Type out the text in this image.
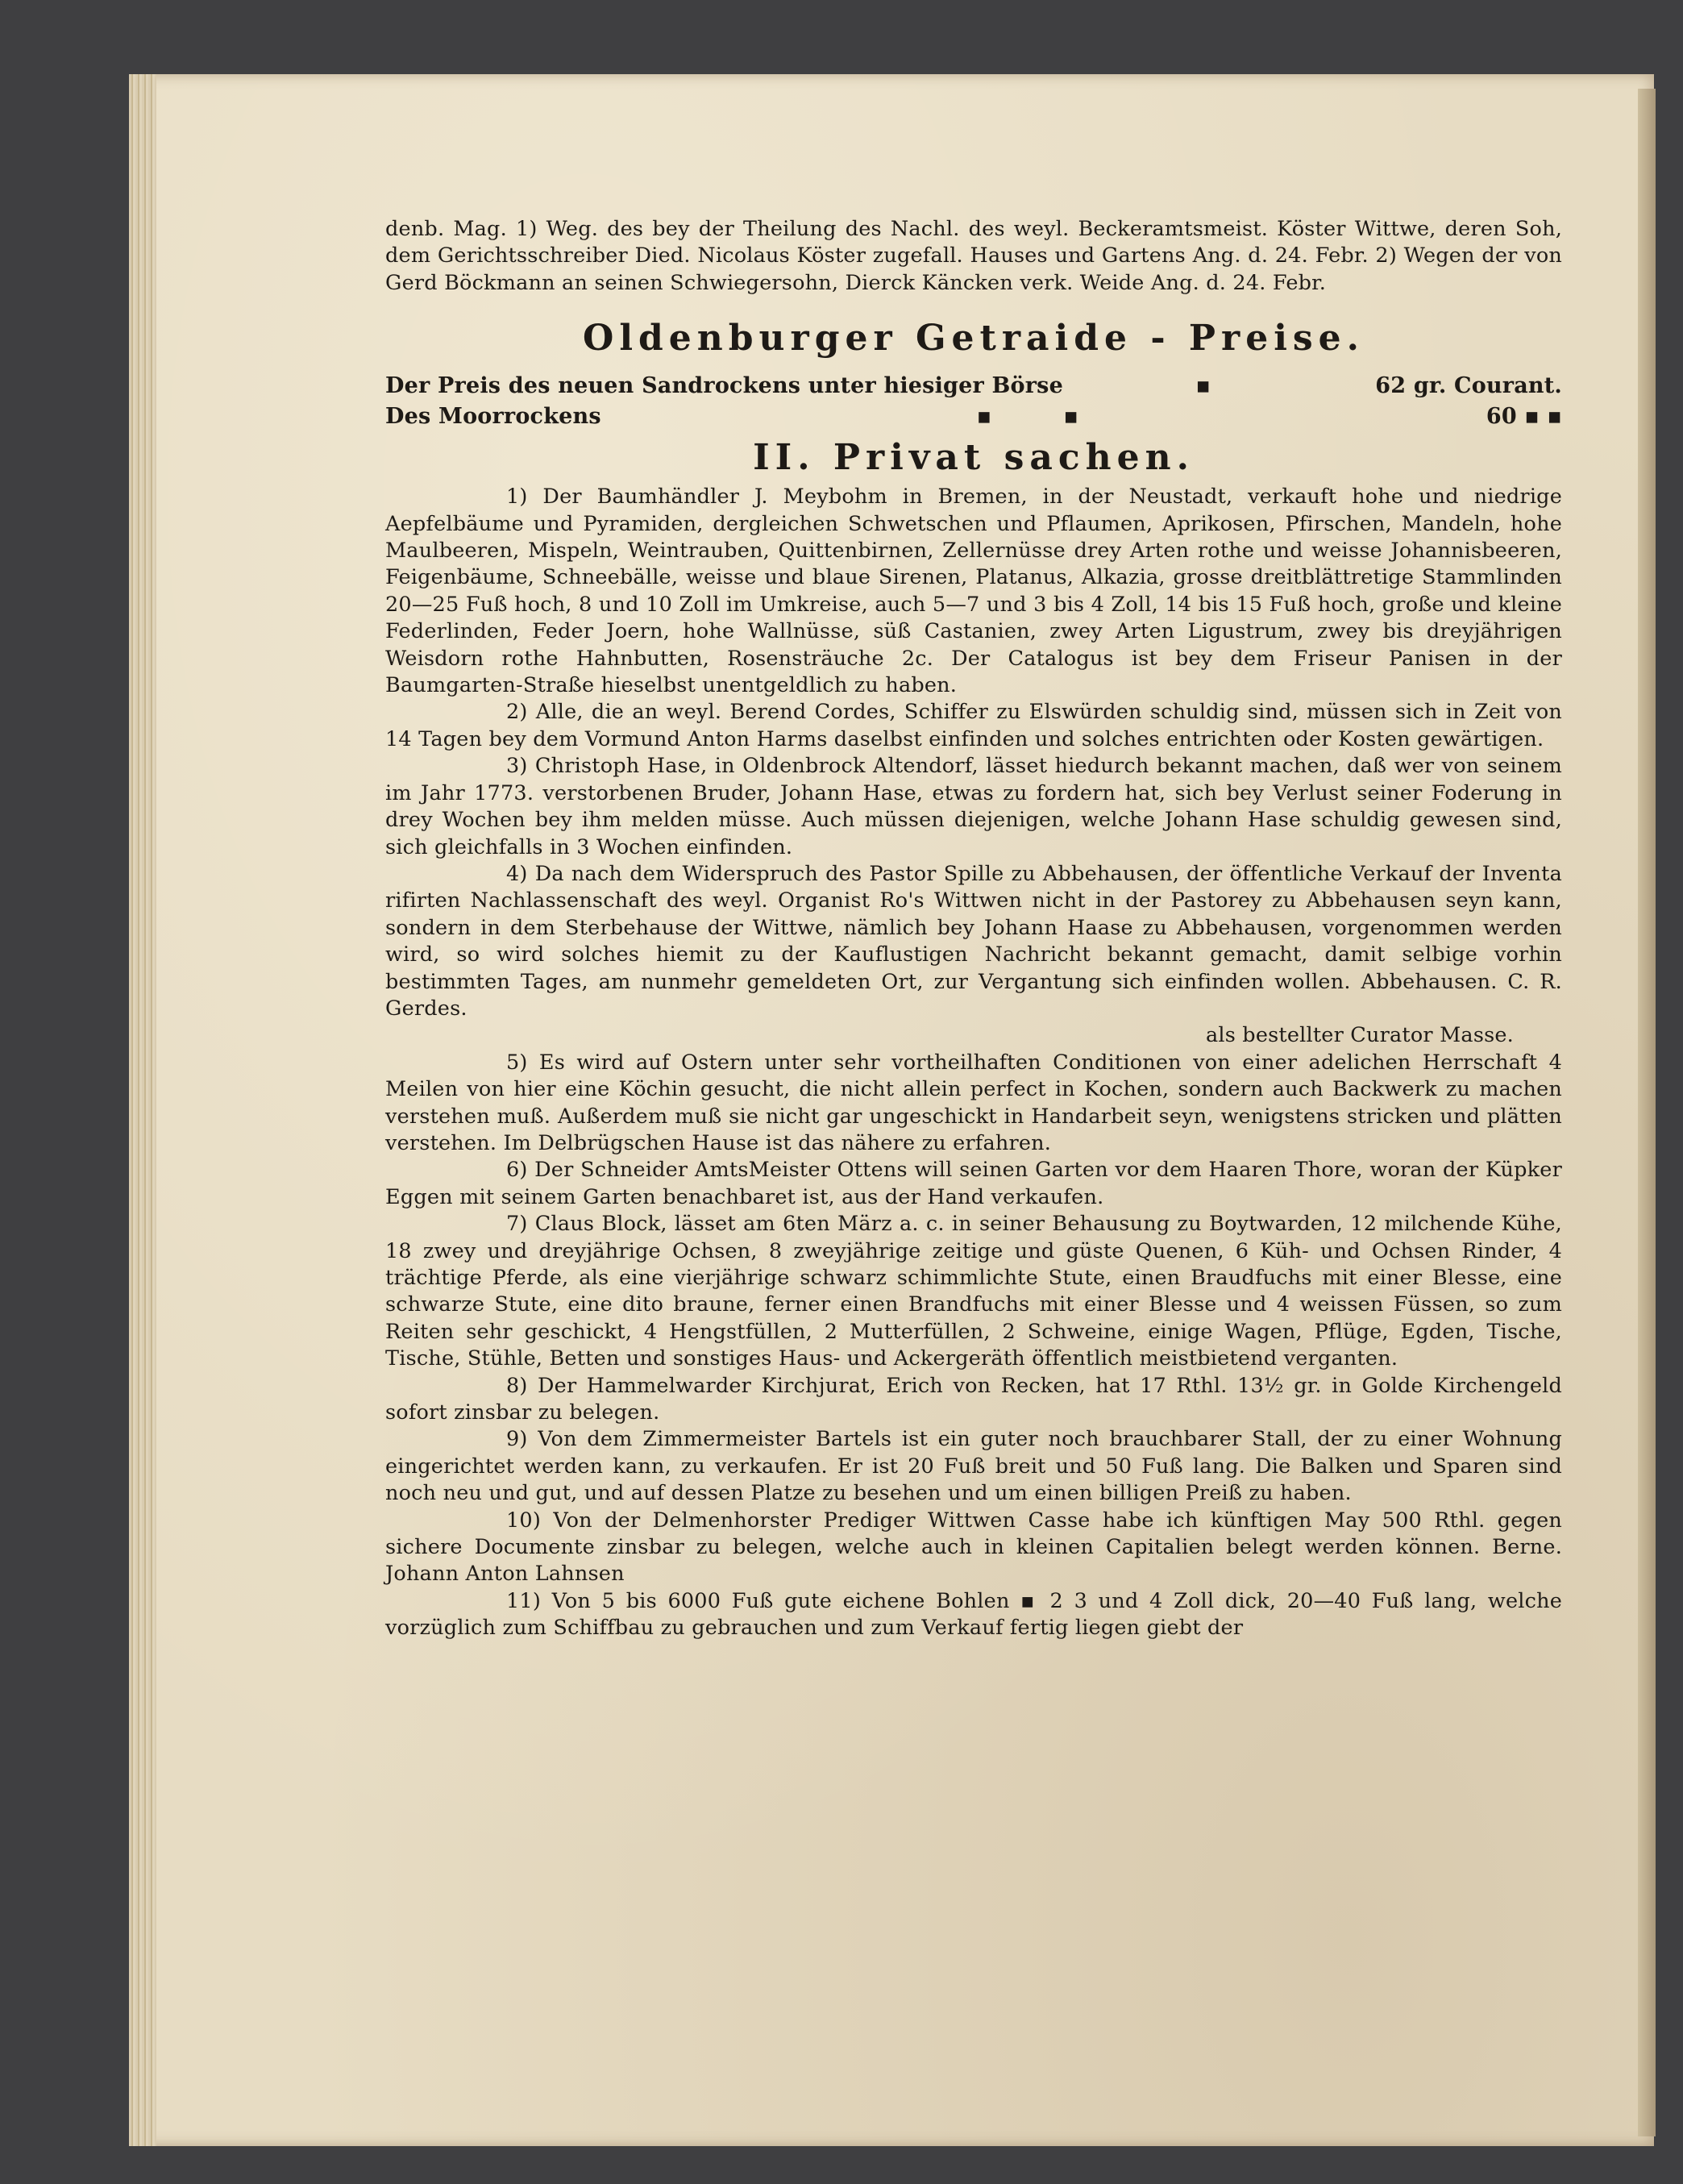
denb. Mag. 1) Weg. des bey der Theilung des Nachl. des weyl. Beckeramtsmeist. Köster Wittwe, deren Soh, dem Gerichtsschreiber Died. Nicolaus Köster zugefall. Hauses und Gartens Ang. d. 24. Febr. 2) Wegen der von Gerd Böckmann an seinen Schwiegersohn, Dierck Käncken verk. Weide Ang. d. 24. Febr.

Oldenburger Getraide - Preise.
Der Preis des neuen Sandrockens unter hiesiger Börse	▪	62 gr. Courant.
Des Moorrockens	▪ ▪	60 ▪ ▪
II. Privat sachen.

1) Der Baumhändler J. Meybohm in Bremen, in der Neustadt, verkauft hohe und niedrige Aepfelbäume und Pyramiden, dergleichen Schwetschen und Pflaumen, Aprikosen, Pfirschen, Mandeln, hohe Maulbeeren, Mispeln, Weintrauben, Quittenbirnen, Zellernüsse drey Arten rothe und weisse Johannisbeeren, Feigenbäume, Schneebälle, weisse und blaue Sirenen, Platanus, Alkazia, grosse dreitblättretige Stammlinden 20—25 Fuß hoch, 8 und 10 Zoll im Umkreise, auch 5—7 und 3 bis 4 Zoll, 14 bis 15 Fuß hoch, große und kleine Federlinden, Feder Joern, hohe Wallnüsse, süß Castanien, zwey Arten Ligustrum, zwey bis dreyjährigen Weisdorn rothe Hahnbutten, Rosensträuche 2c. Der Catalogus ist bey dem Friseur Panisen in der Baumgarten-Straße hieselbst unentgeldlich zu haben.

2) Alle, die an weyl. Berend Cordes, Schiffer zu Elswürden schuldig sind, müssen sich in Zeit von 14 Tagen bey dem Vormund Anton Harms daselbst einfinden und solches entrichten oder Kosten gewärtigen.

3) Christoph Hase, in Oldenbrock Altendorf, lässet hiedurch bekannt machen, daß wer von seinem im Jahr 1773. verstorbenen Bruder, Johann Hase, etwas zu fordern hat, sich bey Verlust seiner Foderung in drey Wochen bey ihm melden müsse. Auch müssen diejenigen, welche Johann Hase schuldig gewesen sind, sich gleichfalls in 3 Wochen einfinden.

4) Da nach dem Widerspruch des Pastor Spille zu Abbehausen, der öffentliche Verkauf der Inventa rifirten Nachlassenschaft des weyl. Organist Ro's Wittwen nicht in der Pastorey zu Abbehausen seyn kann, sondern in dem Sterbehause der Wittwe, nämlich bey Johann Haase zu Abbehausen, vorgenommen werden wird, so wird solches hiemit zu der Kauflustigen Nachricht bekannt gemacht, damit selbige vorhin bestimmten Tages, am nunmehr gemeldeten Ort, zur Vergantung sich einfinden wollen. Abbehausen. C. R. Gerdes.

als bestellter Curator Masse.

5) Es wird auf Ostern unter sehr vortheilhaften Conditionen von einer adelichen Herrschaft 4 Meilen von hier eine Köchin gesucht, die nicht allein perfect in Kochen, sondern auch Backwerk zu machen verstehen muß. Außerdem muß sie nicht gar ungeschickt in Handarbeit seyn, wenigstens stricken und plätten verstehen. Im Delbrügschen Hause ist das nähere zu erfahren.

6) Der Schneider AmtsMeister Ottens will seinen Garten vor dem Haaren Thore, woran der Küpker Eggen mit seinem Garten benachbaret ist, aus der Hand verkaufen.

7) Claus Block, lässet am 6ten März a. c. in seiner Behausung zu Boytwarden, 12 milchende Kühe, 18 zwey und dreyjährige Ochsen, 8 zweyjährige zeitige und güste Quenen, 6 Küh- und Ochsen Rinder, 4 trächtige Pferde, als eine vierjährige schwarz schimmlichte Stute, einen Braudfuchs mit einer Blesse, eine schwarze Stute, eine dito braune, ferner einen Brandfuchs mit einer Blesse und 4 weissen Füssen, so zum Reiten sehr geschickt, 4 Hengstfüllen, 2 Mutterfüllen, 2 Schweine, einige Wagen, Pflüge, Egden, Tische, Tische, Stühle, Betten und sonstiges Haus- und Ackergeräth öffentlich meistbietend verganten.

8) Der Hammelwarder Kirchjurat, Erich von Recken, hat 17 Rthl. 13½ gr. in Golde Kirchengeld sofort zinsbar zu belegen.

9) Von dem Zimmermeister Bartels ist ein guter noch brauchbarer Stall, der zu einer Wohnung eingerichtet werden kann, zu verkaufen. Er ist 20 Fuß breit und 50 Fuß lang. Die Balken und Sparen sind noch neu und gut, und auf dessen Platze zu besehen und um einen billigen Preiß zu haben.

10) Von der Delmenhorster Prediger Wittwen Casse habe ich künftigen May 500 Rthl. gegen sichere Documente zinsbar zu belegen, welche auch in kleinen Capitalien belegt werden können. Berne. Johann Anton Lahnsen

11) Von 5 bis 6000 Fuß gute eichene Bohlen ▪ 2 3 und 4 Zoll dick, 20—40 Fuß lang, welche vorzüglich zum Schiffbau zu gebrauchen und zum Verkauf fertig liegen giebt der
